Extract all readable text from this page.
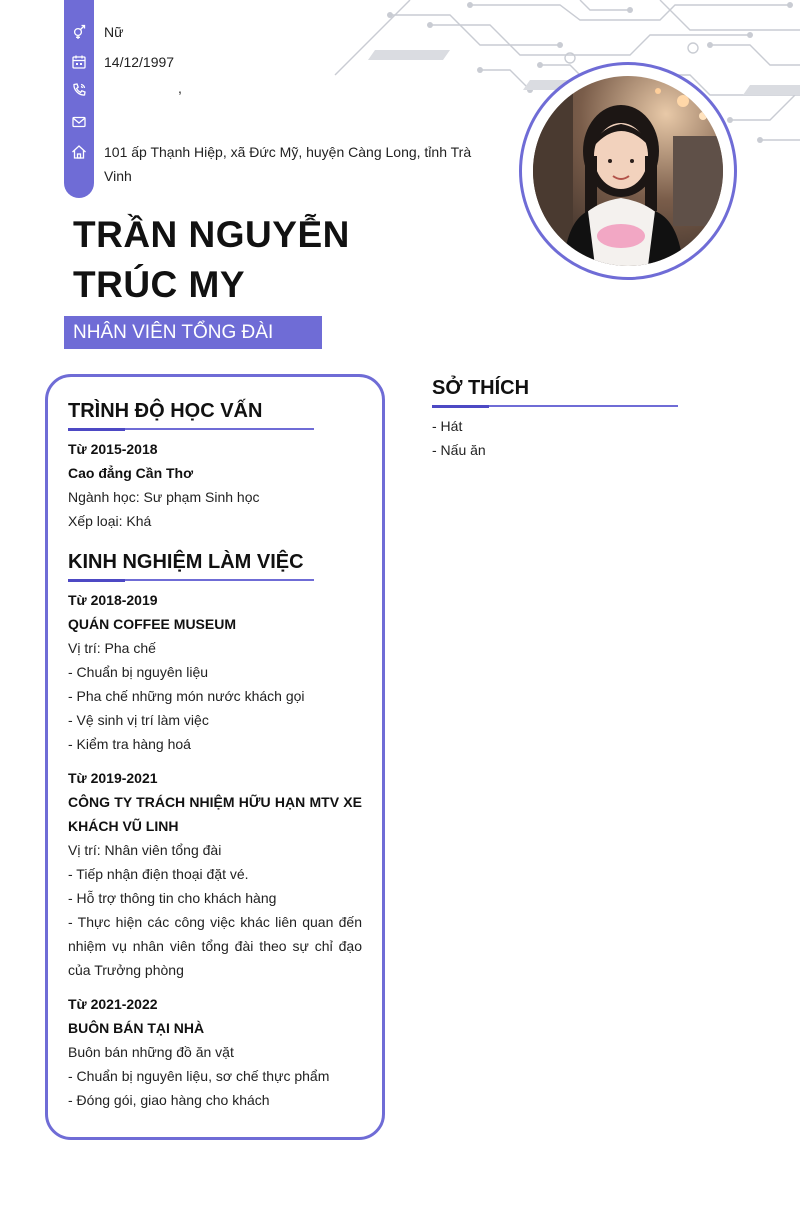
Nữ
14/12/1997
,
101 ấp Thạnh Hiệp, xã Đức Mỹ, huyện Càng Long, tỉnh Trà Vinh
TRẦN NGUYỄN TRÚC MY
NHÂN VIÊN TỔNG ĐÀI
TRÌNH ĐỘ HỌC VẤN
Từ 2015-2018
Cao đẳng Cần Thơ
Ngành học: Sư phạm Sinh học
Xếp loại: Khá
KINH NGHIỆM LÀM VIỆC
Từ 2018-2019
QUÁN COFFEE MUSEUM
Vị trí: Pha chế
- Chuẩn bị nguyên liệu
- Pha chế những món nước khách gọi
- Vệ sinh vị trí làm việc
- Kiểm tra hàng hoá
Từ 2019-2021
CÔNG TY TRÁCH NHIỆM HỮU HẠN MTV XE KHÁCH VŨ LINH
Vị trí: Nhân viên tổng đài
- Tiếp nhận điện thoại đặt vé.
- Hỗ trợ thông tin cho khách hàng
- Thực hiện các công việc khác liên quan đến nhiệm vụ nhân viên tổng đài theo sự chỉ đạo của Trưởng phòng
Từ 2021-2022
BUÔN BÁN TẠI NHÀ
Buôn bán những đồ ăn vặt
- Chuẩn bị nguyên liệu, sơ chế thực phẩm
- Đóng gói, giao hàng cho khách
SỞ THÍCH
- Hát
- Nấu ăn
